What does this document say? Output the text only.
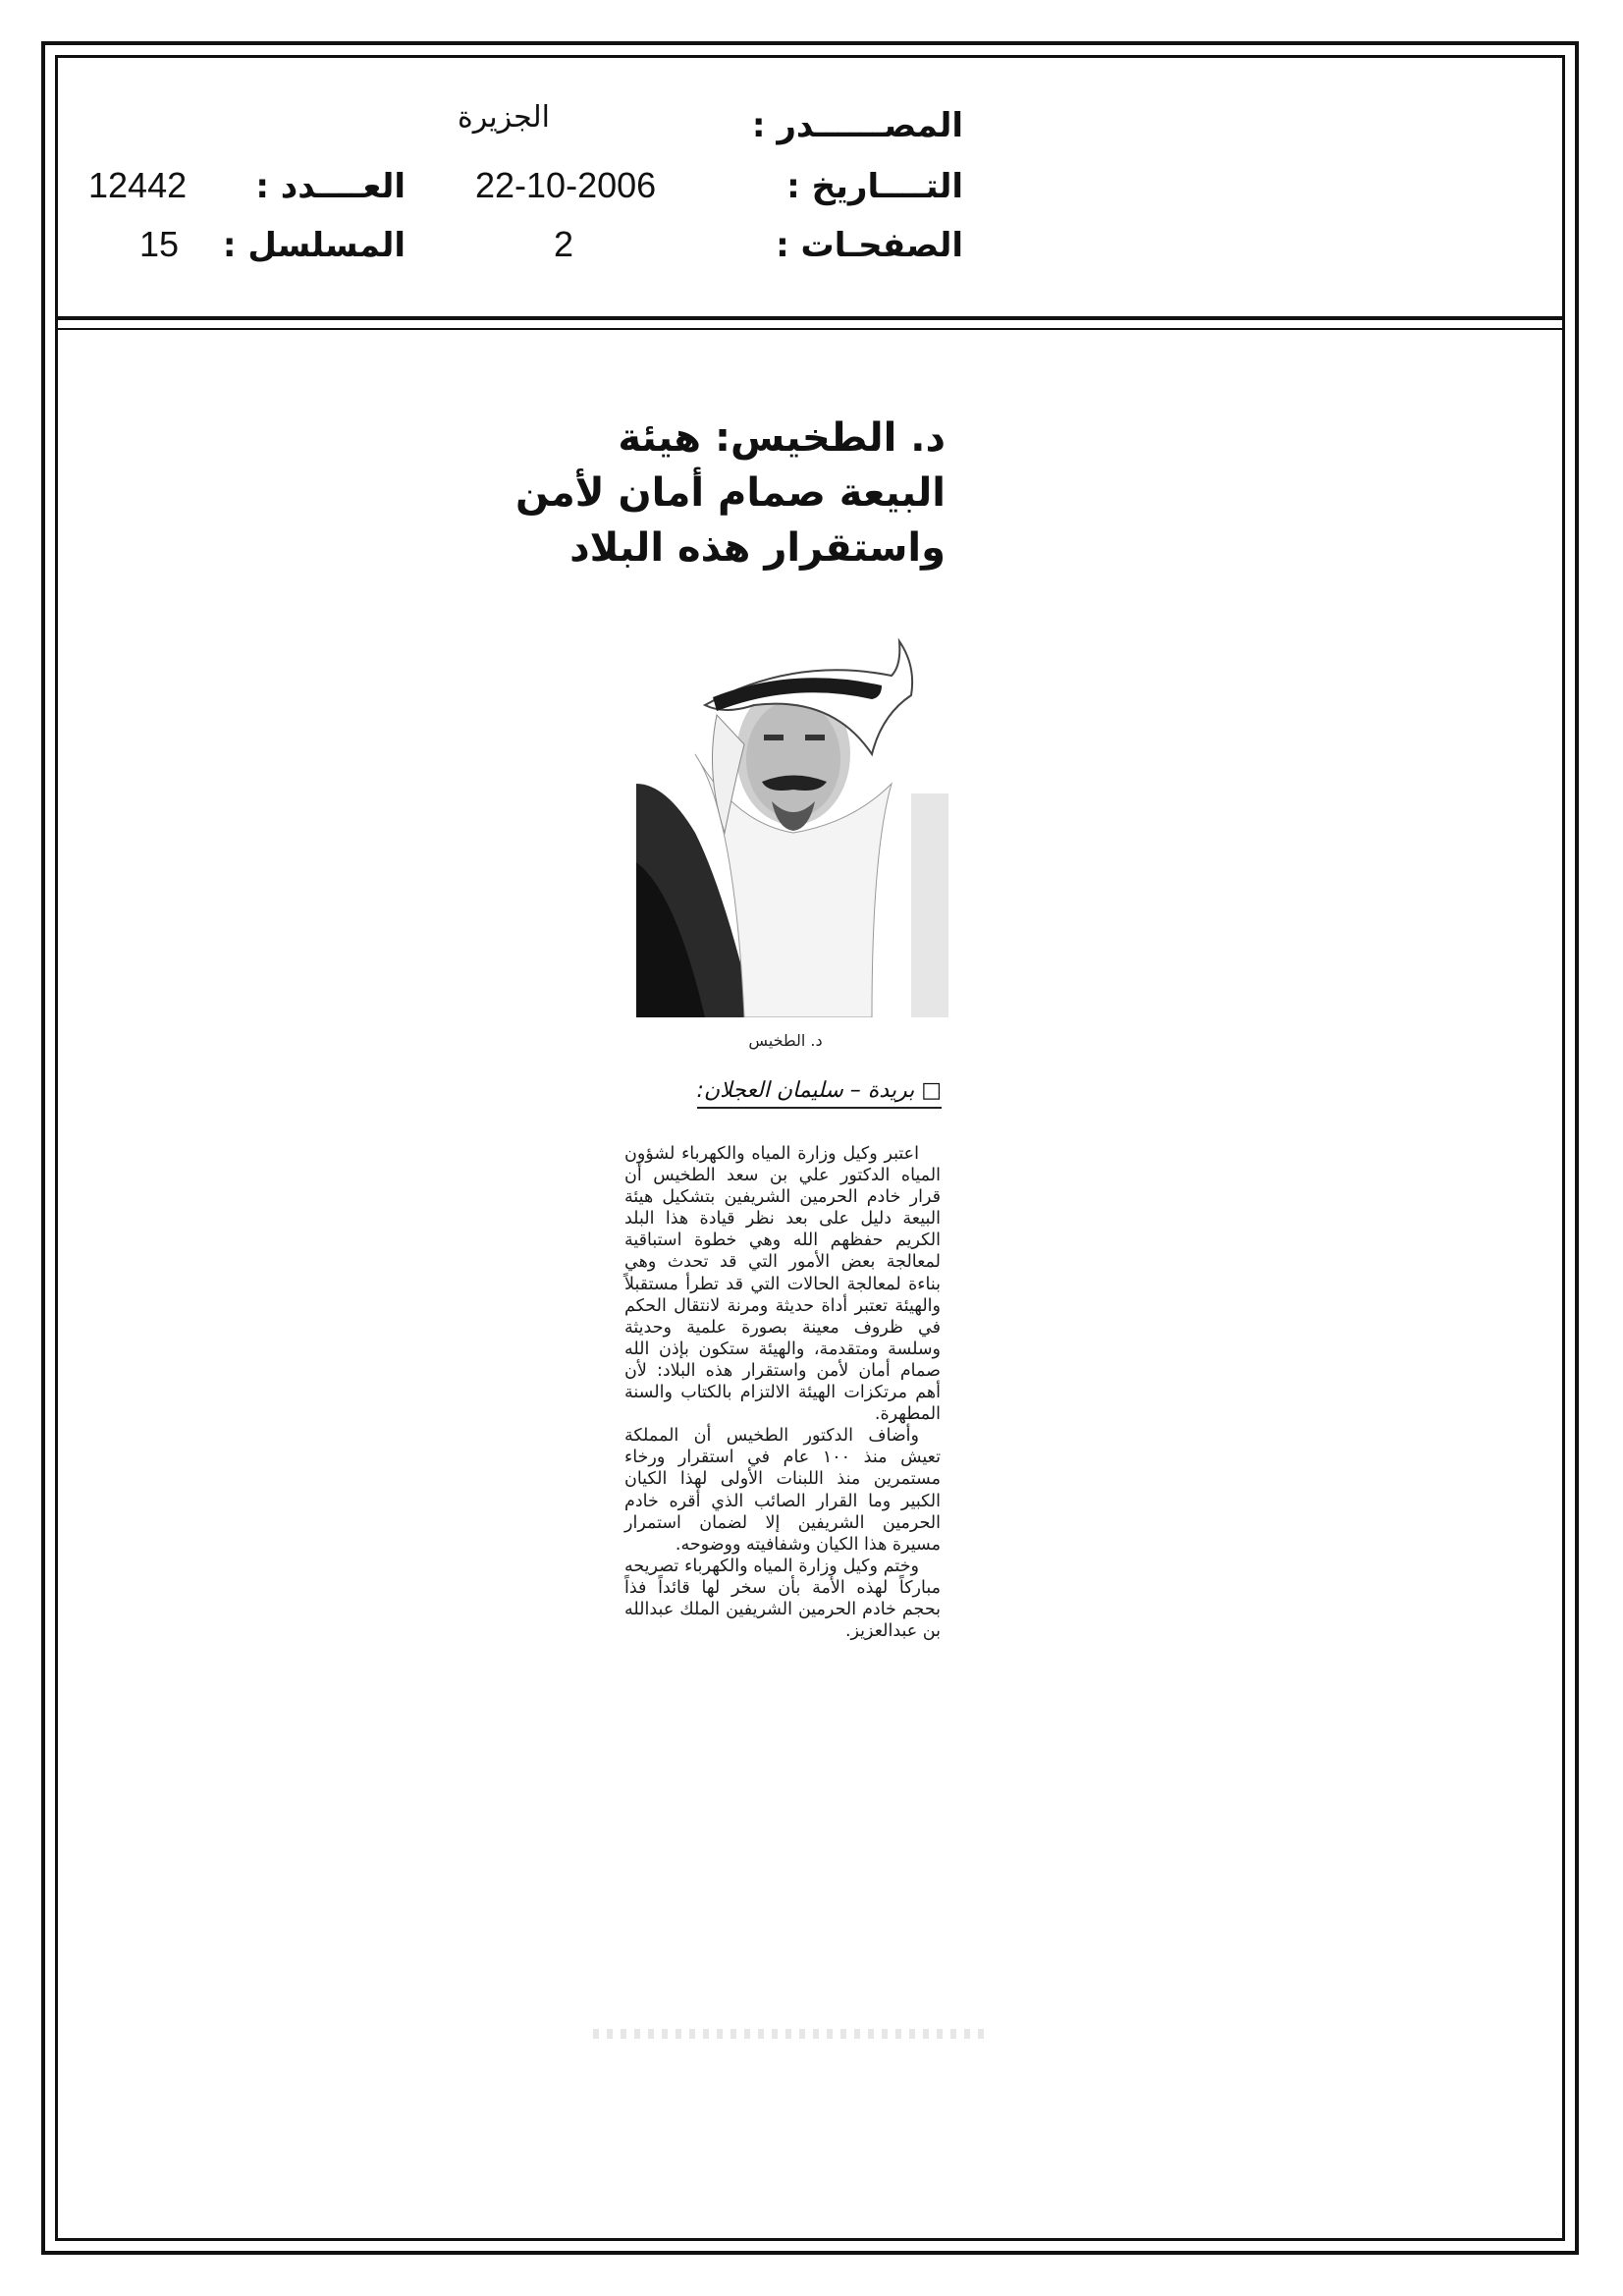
المصــــــدر :
الجزيرة
التــــاريخ :
22-10-2006
العــــدد :
12442
الصفحـات :
2
المسلسل :
15
د. الطخيس: هيئة
البيعة صمام أمان لأمن
واستقرار هذه البلاد
د. الطخيس
□ بريدة – سليمان العجلان:

اعتبر وكيل وزارة المياه والكهرباء لشؤون المياه الدكتور علي بن سعد الطخيس أن قرار خادم الحرمين الشريفين بتشكيل هيئة البيعة دليل على بعد نظر قيادة هذا البلد الكريم حفظهم الله وهي خطوة استباقية لمعالجة بعض الأمور التي قد تحدث وهي بناءة لمعالجة الحالات التي قد تطرأ مستقبلاً والهيئة تعتبر أداة حديثة ومرنة لانتقال الحكم في ظروف معينة بصورة علمية وحديثة وسلسة ومتقدمة، والهيئة ستكون بإذن الله صمام أمان لأمن واستقرار هذه البلاد: لأن أهم مرتكزات الهيئة الالتزام بالكتاب والسنة المطهرة.

وأضاف الدكتور الطخيس أن المملكة تعيش منذ ١٠٠ عام في استقرار ورخاء مستمرين منذ اللبنات الأولى لهذا الكيان الكبير وما القرار الصائب الذي أقره خادم الحرمين الشريفين إلا لضمان استمرار مسيرة هذا الكيان وشفافيته ووضوحه.

وختم وكيل وزارة المياه والكهرباء تصريحه مباركاً لهذه الأمة بأن سخر لها قائداً فذاً بحجم خادم الحرمين الشريفين الملك عبدالله بن عبدالعزيز.
